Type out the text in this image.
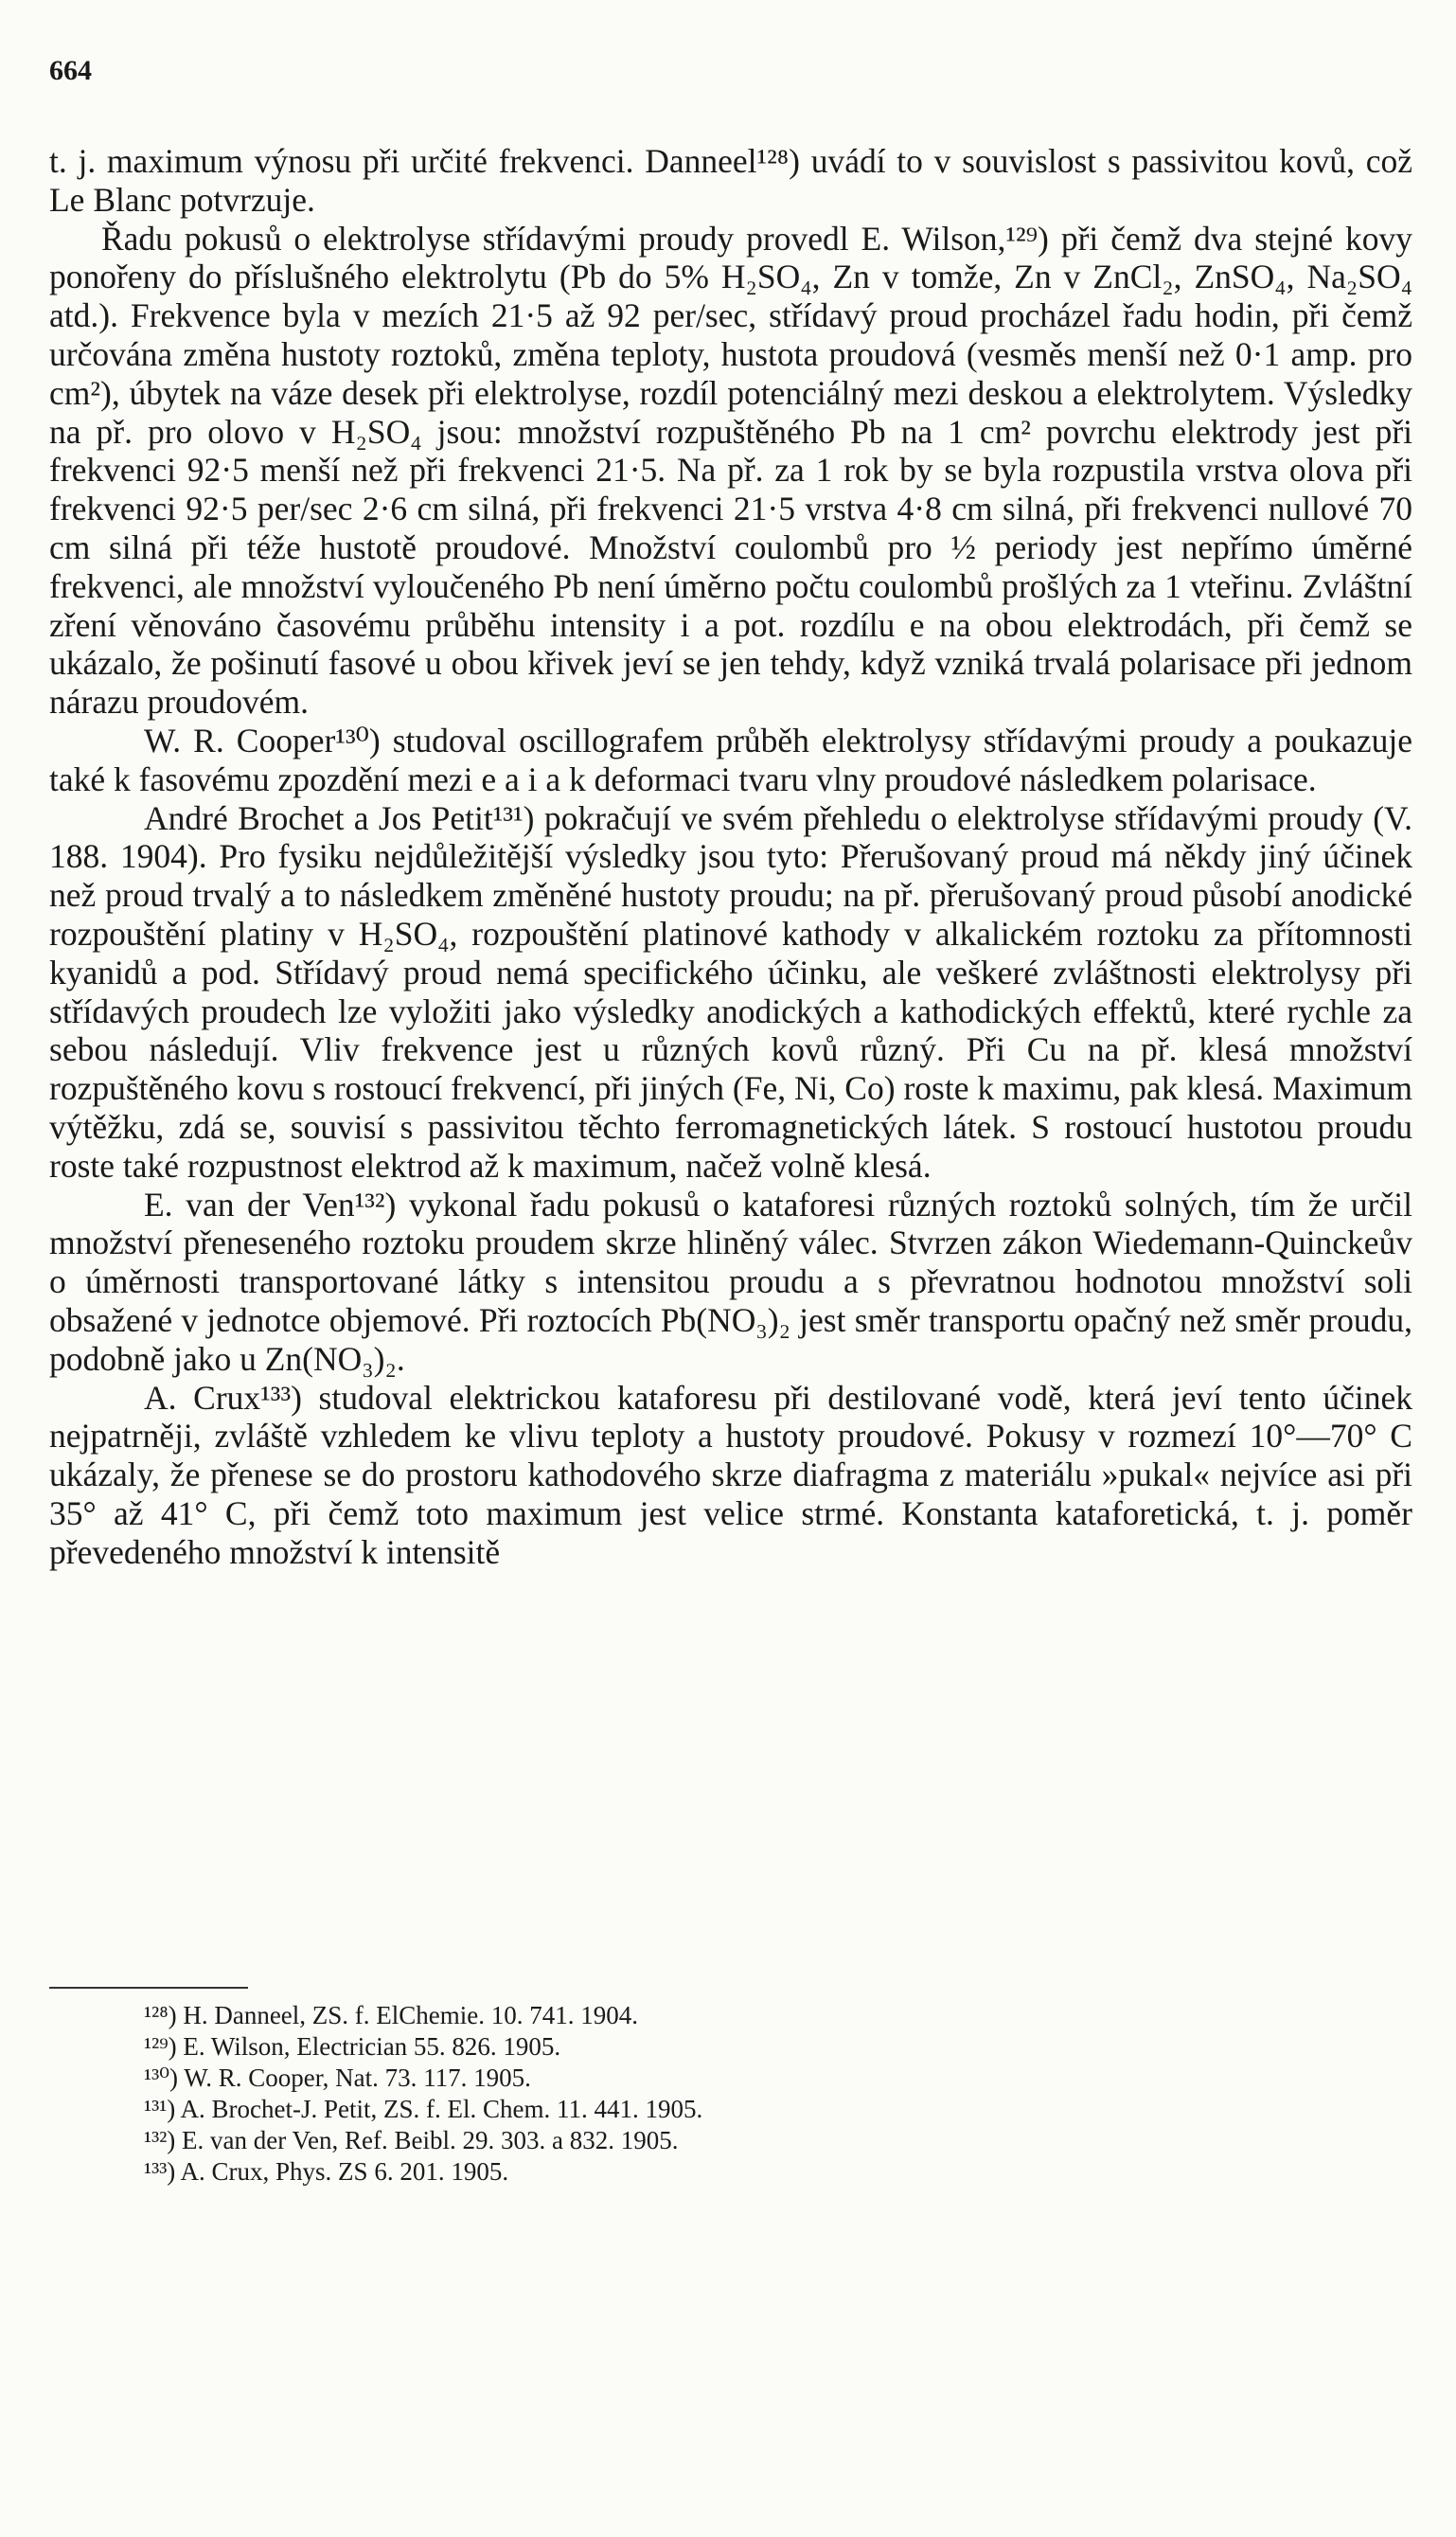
664

t. j. maximum výnosu při určité frekvenci. Danneel¹²⁸) uvádí to v souvislost s passivitou kovů, což Le Blanc potvrzuje.

Řadu pokusů o elektrolyse střídavými proudy provedl E. Wilson,¹²⁹) při čemž dva stejné kovy ponořeny do příslušného elektrolytu (Pb do 5% H₂SO₄, Zn v tomže, Zn v ZnCl₂, ZnSO₄, Na₂SO₄ atd.). Frekvence byla v mezích 21·5 až 92 per/sec, střídavý proud procházel řadu hodin, při čemž určována změna hustoty roztoků, změna teploty, hustota proudová (vesměs menší než 0·1 amp. pro cm²), úbytek na váze desek při elektrolyse, rozdíl potenciálný mezi deskou a elektrolytem. Výsledky na př. pro olovo v H₂SO₄ jsou: množství rozpuštěného Pb na 1 cm² povrchu elektrody jest při frekvenci 92·5 menší než při frekvenci 21·5. Na př. za 1 rok by se byla rozpustila vrstva olova při frekvenci 92·5 per/sec 2·6 cm silná, při frekvenci 21·5 vrstva 4·8 cm silná, při frekvenci nullové 70 cm silná při téže hustotě proudové. Množství coulombů pro ½ periody jest nepřímo úměrné frekvenci, ale množství vyloučeného Pb není úměrno počtu coulombů prošlých za 1 vteřinu. Zvláštní zření věnováno časovému průběhu intensity i a pot. rozdílu e na obou elektrodách, při čemž se ukázalo, že pošinutí fasové u obou křivek jeví se jen tehdy, když vzniká trvalá polarisace při jednom nárazu proudovém.

W. R. Cooper¹³⁰) studoval oscillografem průběh elektrolysy střídavými proudy a poukazuje také k fasovému zpozdění mezi e a i a k deformaci tvaru vlny proudové následkem polarisace.

André Brochet a Jos Petit¹³¹) pokračují ve svém přehledu o elektrolyse střídavými proudy (V. 188. 1904). Pro fysiku nejdůležitější výsledky jsou tyto: Přerušovaný proud má někdy jiný účinek než proud trvalý a to následkem změněné hustoty proudu; na př. přerušovaný proud působí anodické rozpouštění platiny v H₂SO₄, rozpouštění platinové kathody v alkalickém roztoku za přítomnosti kyanidů a pod. Střídavý proud nemá specifického účinku, ale veškeré zvláštnosti elektrolysy při střídavých proudech lze vyložiti jako výsledky anodických a kathodických effektů, které rychle za sebou následují. Vliv frekvence jest u různých kovů různý. Při Cu na př. klesá množství rozpuštěného kovu s rostoucí frekvencí, při jiných (Fe, Ni, Co) roste k maximu, pak klesá. Maximum výtěžku, zdá se, souvisí s passivitou těchto ferromagnetických látek. S rostoucí hustotou proudu roste také rozpustnost elektrod až k maximum, načež volně klesá.

E. van der Ven¹³²) vykonal řadu pokusů o kataforesi různých roztoků solných, tím že určil množství přeneseného roztoku proudem skrze hliněný válec. Stvrzen zákon Wiedemann-Quinckeův o úměrnosti transportované látky s intensitou proudu a s převratnou hodnotou množství soli obsažené v jednotce objemové. Při roztocích Pb(NO₃)₂ jest směr transportu opačný než směr proudu, podobně jako u Zn(NO₃)₂.

A. Crux¹³³) studoval elektrickou kataforesu při destilované vodě, která jeví tento účinek nejpatrněji, zvláště vzhledem ke vlivu teploty a hustoty proudové. Pokusy v rozmezí 10°—70° C ukázaly, že přenese se do prostoru kathodového skrze diafragma z materiálu »pukal« nejvíce asi při 35° až 41° C, při čemž toto maximum jest velice strmé. Konstanta kataforetická, t. j. poměr převedeného množství k intensitě

¹²⁸) H. Danneel, ZS. f. ElChemie. 10. 741. 1904.
¹²⁹) E. Wilson, Electrician 55. 826. 1905.
¹³⁰) W. R. Cooper, Nat. 73. 117. 1905.
¹³¹) A. Brochet-J. Petit, ZS. f. El. Chem. 11. 441. 1905.
¹³²) E. van der Ven, Ref. Beibl. 29. 303. a 832. 1905.
¹³³) A. Crux, Phys. ZS 6. 201. 1905.
